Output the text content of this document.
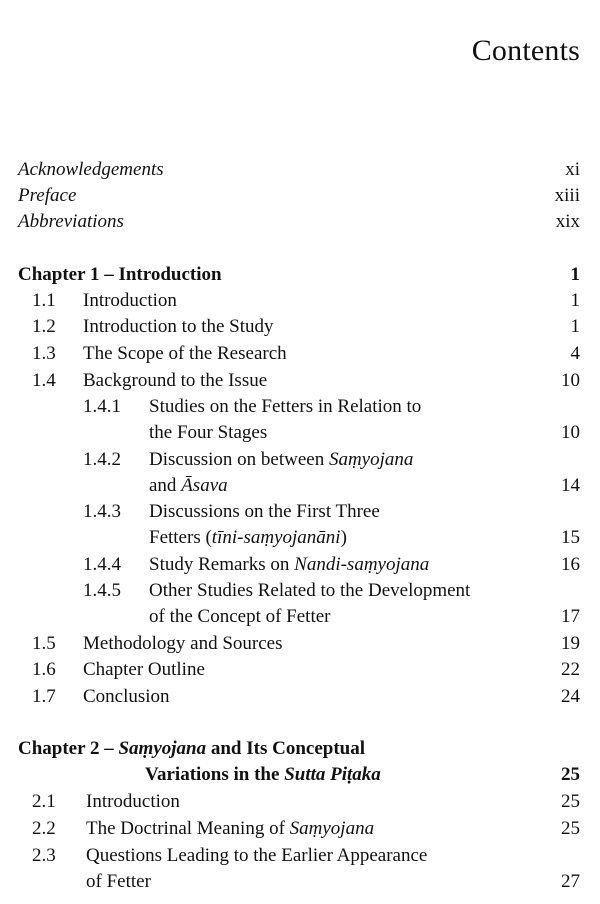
Contents
Acknowledgements	xi
Preface	xiii
Abbreviations	xix
Chapter 1 – Introduction	1
1.1 Introduction	1
1.2 Introduction to the Study	1
1.3 The Scope of the Research	4
1.4 Background to the Issue	10
1.4.1 Studies on the Fetters in Relation to
the Four Stages	10
1.4.2 Discussion on between Saṃyojana
and Āsava	14
1.4.3 Discussions on the First Three
Fetters (tīni-saṃyojanāni)	15
1.4.4 Study Remarks on Nandi-saṃyojana	16
1.4.5 Other Studies Related to the Development
of the Concept of Fetter	17
1.5 Methodology and Sources	19
1.6 Chapter Outline	22
1.7 Conclusion	24
Chapter 2 – Saṃyojana and Its Conceptual
Variations in the Sutta Piṭaka	25
2.1 Introduction	25
2.2 The Doctrinal Meaning of Saṃyojana	25
2.3 Questions Leading to the Earlier Appearance
of Fetter	27
